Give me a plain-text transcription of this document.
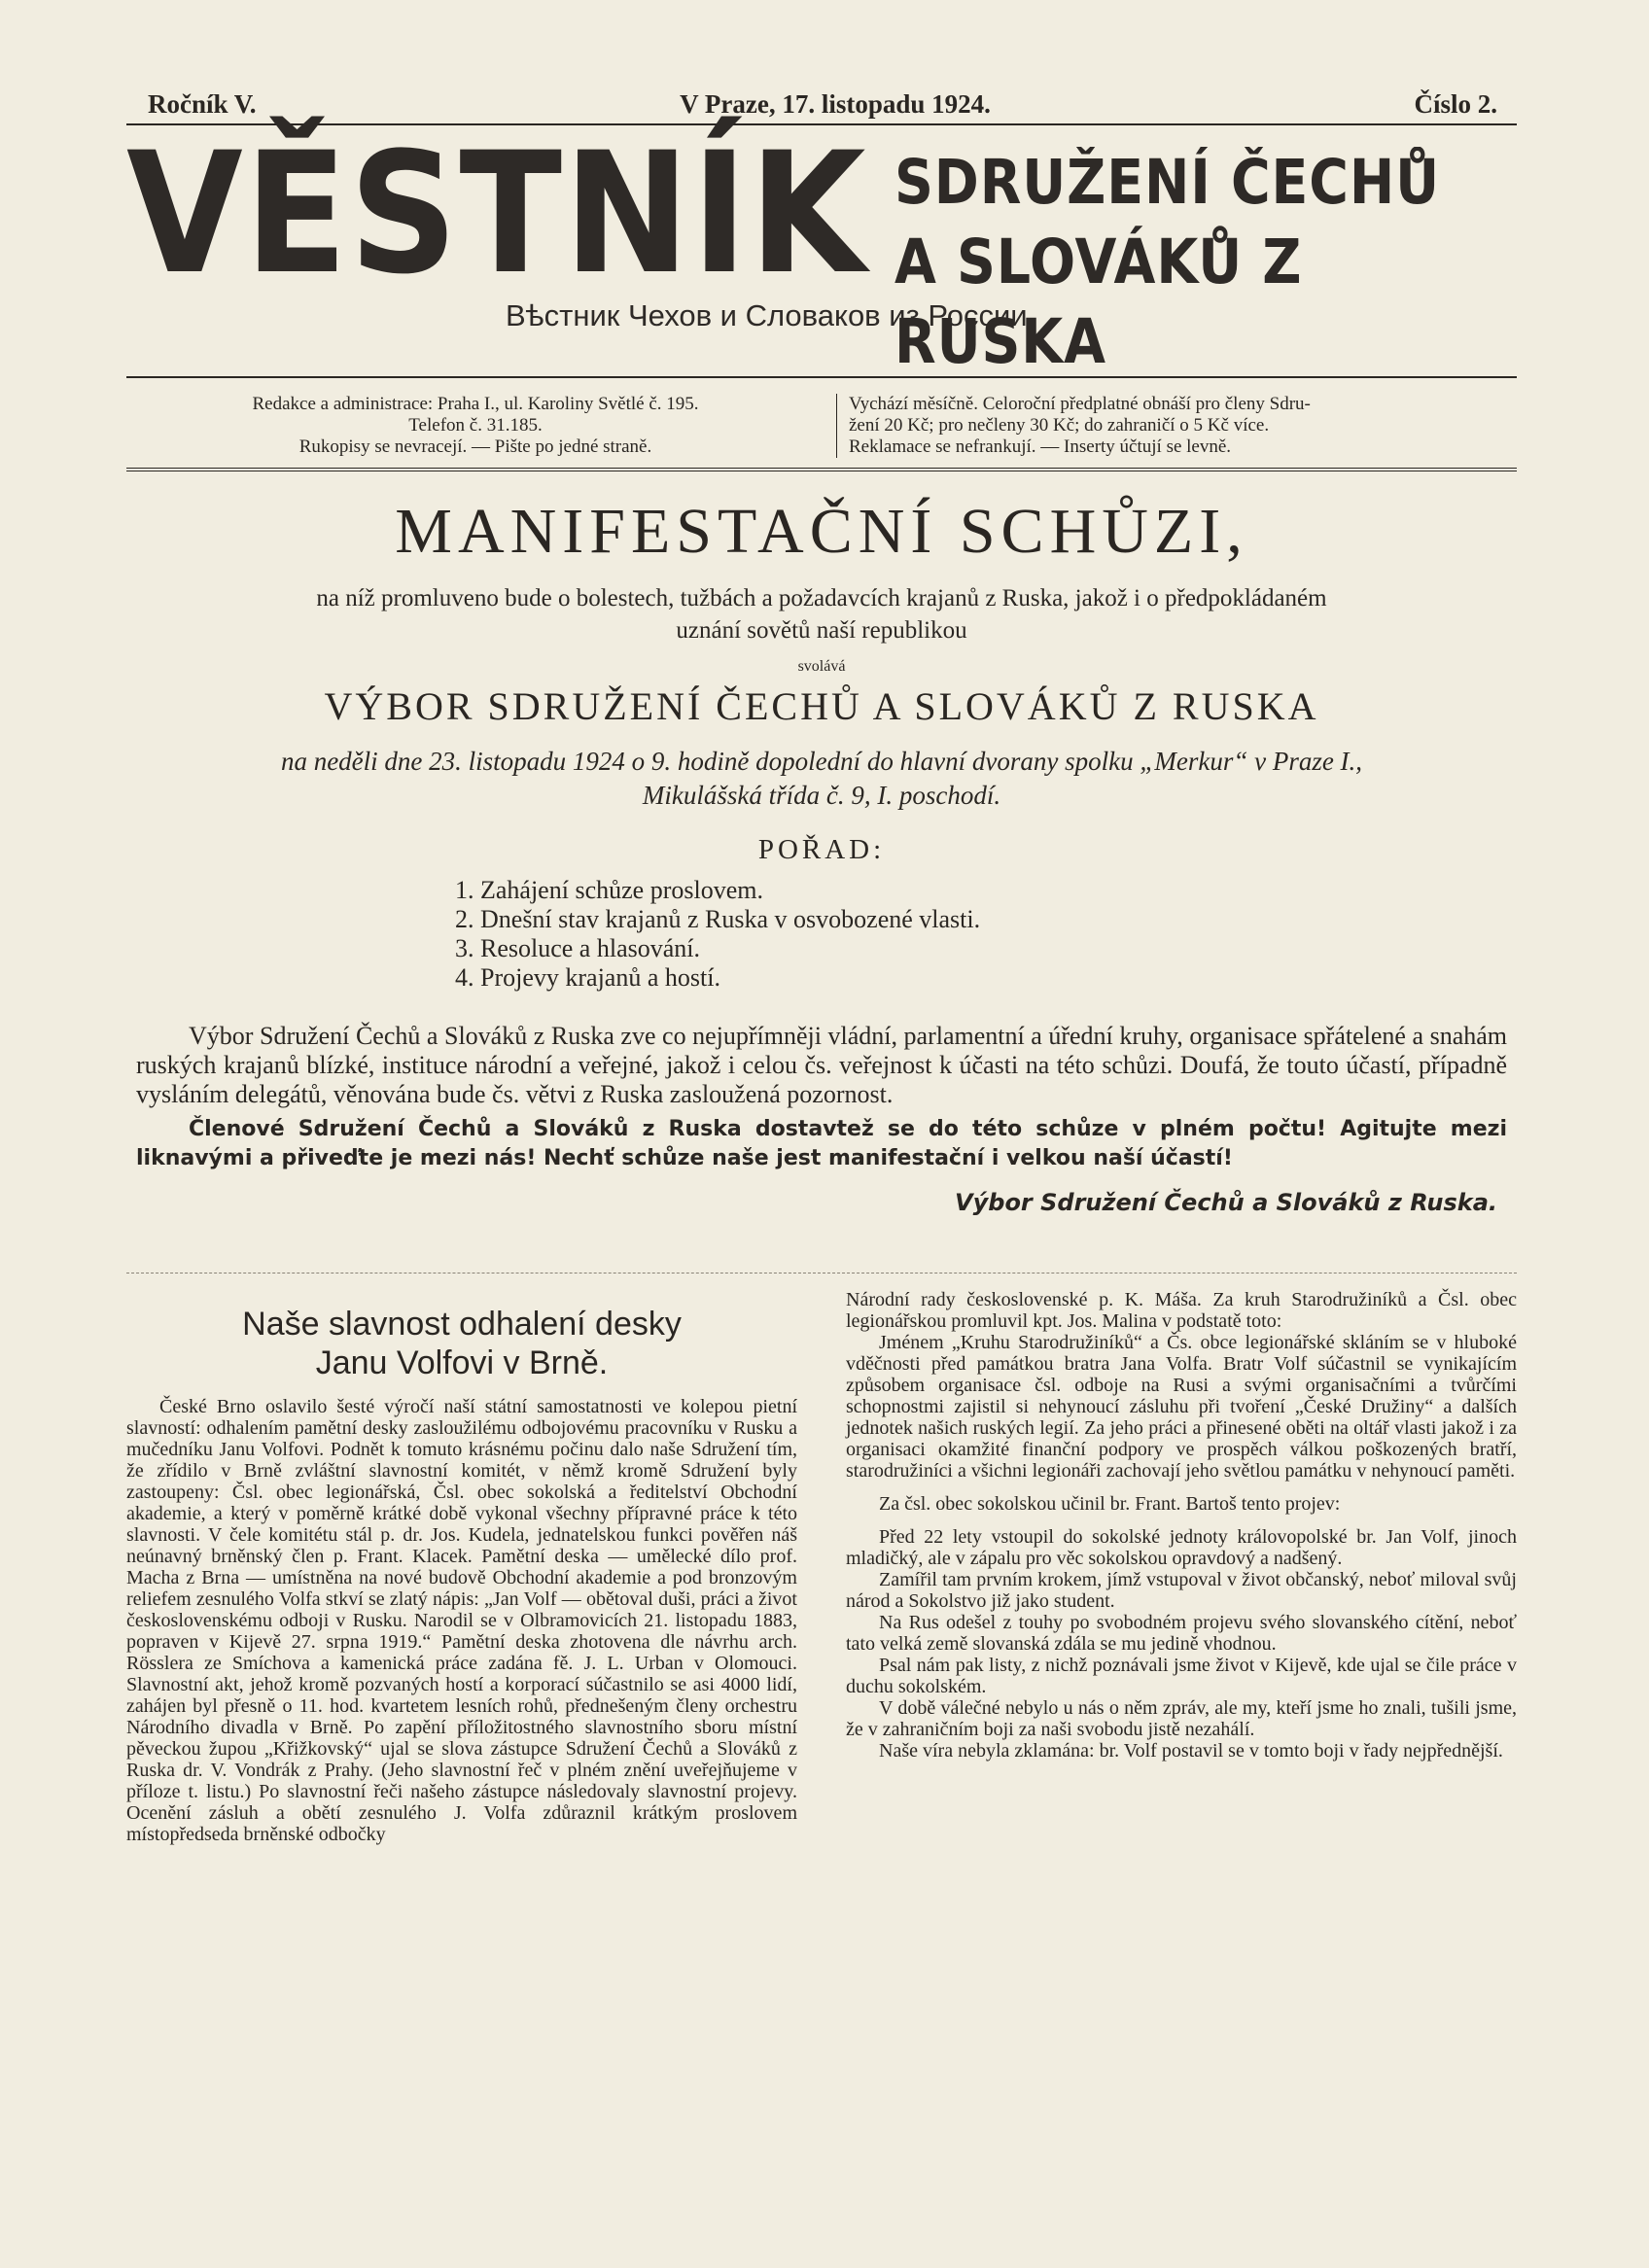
Ročník V.	V Praze, 17. listopadu 1924.	Číslo 2.
VĚSTNÍK SDRUŽENÍ ČECHŮ
A SLOVÁKŮ Z RUSKA
Вѣстник Чехов и Словаков из России.
Redakce a administrace: Praha I., ul. Karoliny Světlé č. 195.
Telefon č. 31.185.
Rukopisy se nevracejí. — Pište po jedné straně.
Vychází měsíčně. Celoroční předplatné obnáší pro členy Sdru-
žení 20 Kč; pro nečleny 30 Kč; do zahraničí o 5 Kč více.
Reklamace se nefrankují. — Inserty účtují se levně.
MANIFESTAČNÍ SCHŮZI,
na níž promluveno bude o bolestech, tužbách a požadavcích krajanů z Ruska, jakož i o předpokládaném
uznání sovětů naší republikou
svolává
VÝBOR SDRUŽENÍ ČECHŮ A SLOVÁKŮ Z RUSKA
na neděli dne 23. listopadu 1924 o 9. hodině dopolední do hlavní dvorany spolku „Merkur“ v Praze I.,
Mikulášská třída č. 9, I. poschodí.
POŘAD:
1. Zahájení schůze proslovem.
2. Dnešní stav krajanů z Ruska v osvobozené vlasti.
3. Resoluce a hlasování.
4. Projevy krajanů a hostí.

Výbor Sdružení Čechů a Slováků z Ruska zve co nejupřímněji vládní, parlamentní a úřední kruhy, organisace spřátelené a snahám ruských krajanů blízké, instituce národní a veřejné, jakož i celou čs. veřejnost k účasti na této schůzi. Doufá, že touto účastí, případně vysláním delegátů, věnována bude čs. větvi z Ruska zasloužená pozornost.

Členové Sdružení Čechů a Slováků z Ruska dostavtež se do této schůze v plném počtu! Agitujte mezi liknavými a přiveďte je mezi nás! Nechť schůze naše jest manifestační i velkou naší účastí!

Výbor Sdružení Čechů a Slováků z Ruska.
Naše slavnost odhalení desky
Janu Volfovi v Brně.

České Brno oslavilo šesté výročí naší státní samostatnosti ve kolepou pietní slavností: odhalením pamětní desky zasloužilému odbojovému pracovníku v Rusku a mučedníku Janu Volfovi. Podnět k tomuto krásnému počinu dalo naše Sdružení tím, že zřídilo v Brně zvláštní slavnostní komitét, v němž kromě Sdružení byly zastoupeny: Čsl. obec legionářská, Čsl. obec sokolská a ředitelství Obchodní akademie, a který v poměrně krátké době vykonal všechny přípravné práce k této slavnosti. V čele komitétu stál p. dr. Jos. Kudela, jednatelskou funkci pověřen náš neúnavný brněnský člen p. Frant. Klacek. Pamětní deska — umělecké dílo prof. Macha z Brna — umístněna na nové budově Obchodní akademie a pod bronzovým reliefem zesnulého Volfa stkví se zlatý nápis: „Jan Volf — obětoval duši, práci a život československému odboji v Rusku. Narodil se v Olbramovicích 21. listopadu 1883, popraven v Kijevě 27. srpna 1919.“ Pamětní deska zhotovena dle návrhu arch. Rösslera ze Smíchova a kamenická práce zadána fě. J. L. Urban v Olomouci. Slavnostní akt, jehož kromě pozvaných hostí a korporací súčastnilo se asi 4000 lidí, zahájen byl přesně o 11. hod. kvartetem lesních rohů, přednešeným členy orchestru Národního divadla v Brně. Po zapění příložitostného slavnostního sboru místní pěveckou župou „Křižkovský“ ujal se slova zástupce Sdružení Čechů a Slováků z Ruska dr. V. Vondrák z Prahy. (Jeho slavnostní řeč v plném znění uveřejňujeme v příloze t. listu.) Po slavnostní řeči našeho zástupce následovaly slavnostní projevy. Ocenění zásluh a obětí zesnulého J. Volfa zdůraznil krátkým proslovem místopředseda brněnské odbočky

Národní rady československé p. K. Máša. Za kruh Starodružiníků a Čsl. obec legionářskou promluvil kpt. Jos. Malina v podstatě toto:

Jménem „Kruhu Starodružiníků“ a Čs. obce legionářské skláním se v hluboké vděčnosti před památkou bratra Jana Volfa. Bratr Volf súčastnil se vynikajícím způsobem organisace čsl. odboje na Rusi a svými organisačními a tvůrčími schopnostmi zajistil si nehynoucí zásluhu při tvoření „České Družiny“ a dalších jednotek našich ruských legií. Za jeho práci a přinesené oběti na oltář vlasti jakož i za organisaci okamžité finanční podpory ve prospěch válkou poškozených bratří, starodružiníci a všichni legionáři zachovají jeho světlou památku v nehynoucí paměti.

Za čsl. obec sokolskou učinil br. Frant. Bartoš tento projev:

Před 22 lety vstoupil do sokolské jednoty královopolské br. Jan Volf, jinoch mladičký, ale v zápalu pro věc sokolskou opravdový a nadšený.

Zamířil tam prvním krokem, jímž vstupoval v život občanský, neboť miloval svůj národ a Sokolstvo již jako student.

Na Rus odešel z touhy po svobodném projevu svého slovanského cítění, neboť tato velká země slovanská zdála se mu jedině vhodnou.

Psal nám pak listy, z nichž poznávali jsme život v Kijevě, kde ujal se čile práce v duchu sokolském.

V době válečné nebylo u nás o něm zpráv, ale my, kteří jsme ho znali, tušili jsme, že v zahraničním boji za naši svobodu jistě nezahálí.

Naše víra nebyla zklamána: br. Volf postavil se v tomto boji v řady nejpřednější.
